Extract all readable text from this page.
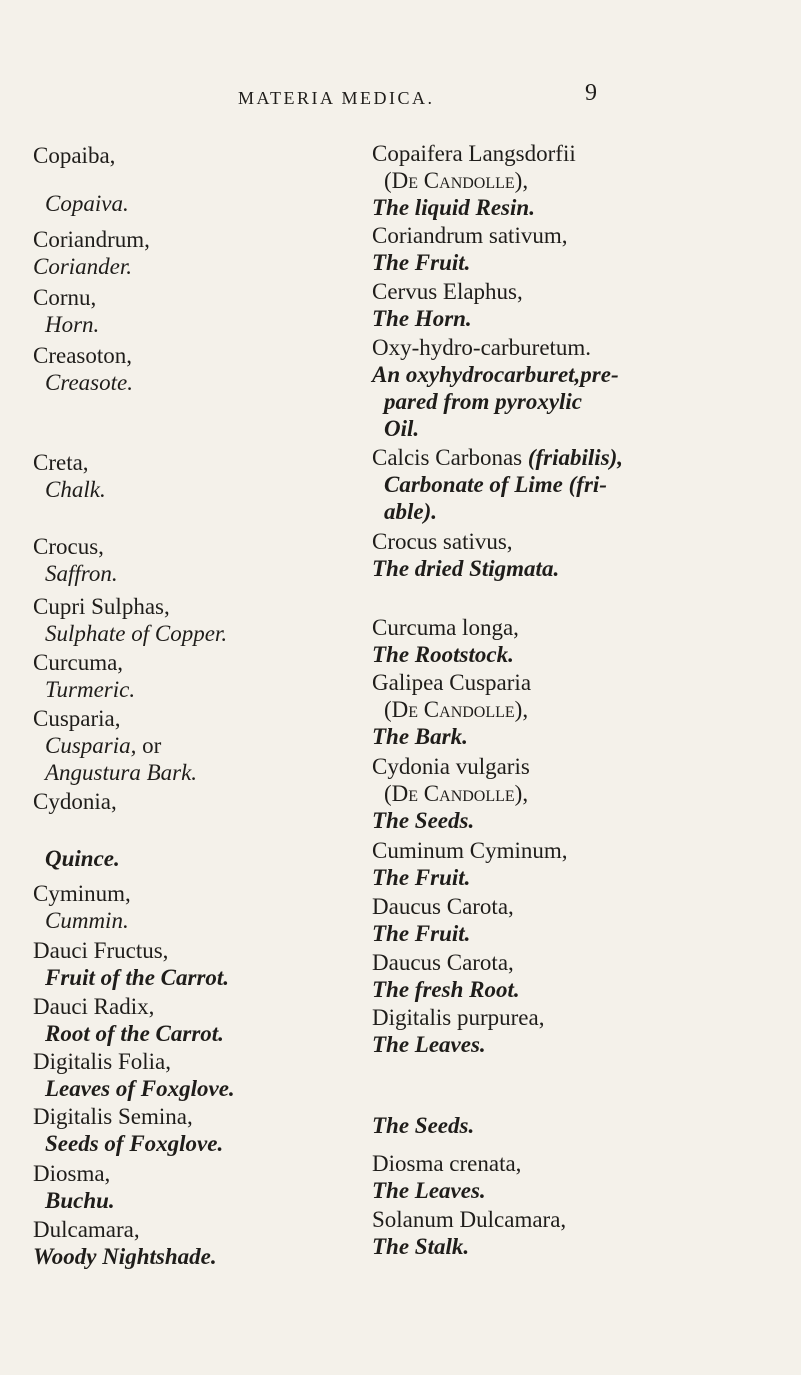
MATERIA MEDICA.	9
Copaiba,
Copaiva.
Coriandrum,
Coriander.
Cornu,
Horn.
Creasoton,
Creasote.
Creta,
Chalk.
Crocus,
Saffron.
Cupri Sulphas,
Sulphate of Copper.
Curcuma,
Turmeric.
Cusparia,
Cusparia, or
Angustura Bark.
Cydonia,
Quince.
Cyminum,
Cummin.
Dauci Fructus,
Fruit of the Carrot.
Dauci Radix,
Root of the Carrot.
Digitalis Folia,
Leaves of Foxglove.
Digitalis Semina,
Seeds of Foxglove.
Diosma,
Buchu.
Dulcamara,
Woody Nightshade.
Copaifera Langsdorfii
(De Candolle),
The liquid Resin.
Coriandrum sativum,
The Fruit.
Cervus Elaphus,
The Horn.
Oxy-hydro-carburetum.
An oxyhydrocarburet,pre-
pared from pyroxylic
Oil.
Calcis Carbonas (friabilis),
Carbonate of Lime (fri-
able).
Crocus sativus,
The dried Stigmata.
Curcuma longa,
The Rootstock.
Galipea Cusparia
(De Candolle),
The Bark.
Cydonia vulgaris
(De Candolle),
The Seeds.
Cuminum Cyminum,
The Fruit.
Daucus Carota,
The Fruit.
Daucus Carota,
The fresh Root.
Digitalis purpurea,
The Leaves.
The Seeds.
Diosma crenata,
The Leaves.
Solanum Dulcamara,
The Stalk.
